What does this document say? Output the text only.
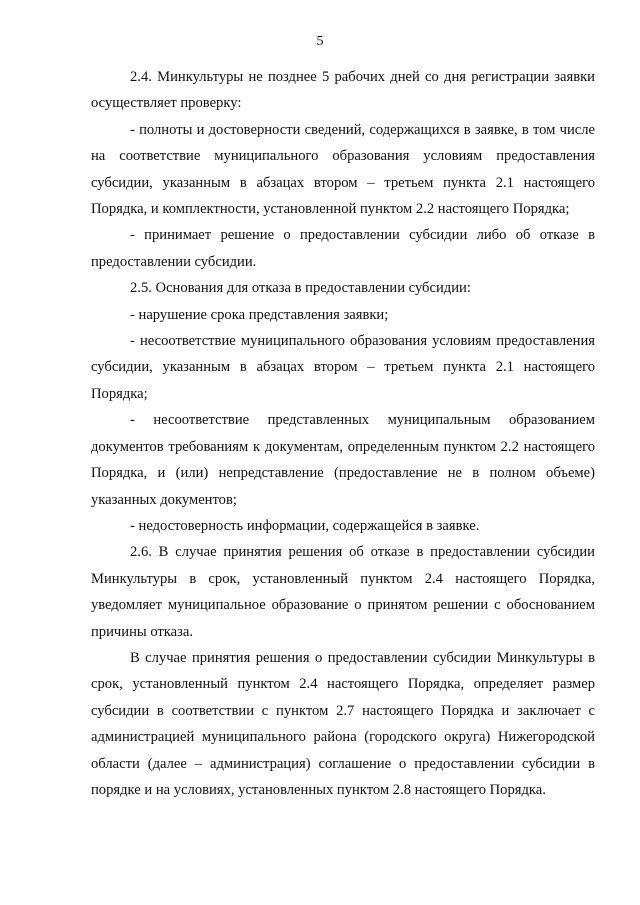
5

2.4. Минкультуры не позднее 5 рабочих дней со дня регистрации заявки осуществляет проверку:

- полноты и достоверности сведений, содержащихся в заявке, в том числе на соответствие муниципального образования условиям предоставления субсидии, указанным в абзацах втором – третьем пункта 2.1 настоящего Порядка, и комплектности, установленной пунктом 2.2 настоящего Порядка;

- принимает решение о предоставлении субсидии либо об отказе в предоставлении субсидии.

2.5. Основания для отказа в предоставлении субсидии:

- нарушение срока представления заявки;

- несоответствие муниципального образования условиям предоставления субсидии, указанным в абзацах втором – третьем пункта 2.1 настоящего Порядка;

- несоответствие представленных муниципальным образованием документов требованиям к документам, определенным пунктом 2.2 настоящего Порядка, и (или) непредставление (предоставление не в полном объеме) указанных документов;

- недостоверность информации, содержащейся в заявке.

2.6. В случае принятия решения об отказе в предоставлении субсидии Минкультуры в срок, установленный пунктом 2.4 настоящего Порядка, уведомляет муниципальное образование о принятом решении с обоснованием причины отказа.

В случае принятия решения о предоставлении субсидии Минкультуры в срок, установленный пунктом 2.4 настоящего Порядка, определяет размер субсидии в соответствии с пунктом 2.7 настоящего Порядка и заключает с администрацией муниципального района (городского округа) Нижегородской области (далее – администрация) соглашение о предоставлении субсидии в порядке и на условиях, установленных пунктом 2.8 настоящего Порядка.
